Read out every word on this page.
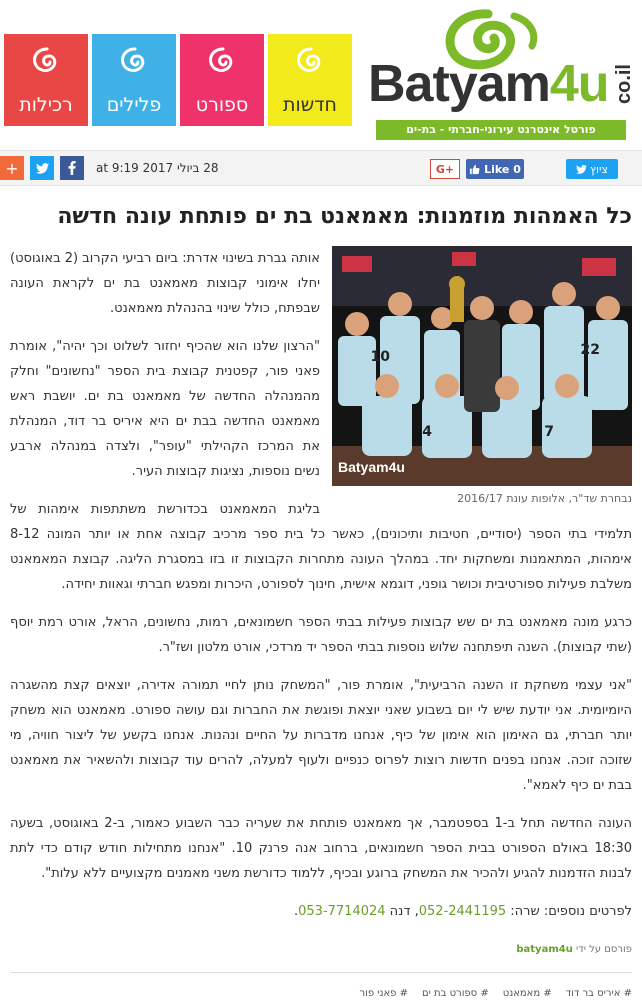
רכילות	פלילים	ספורט	חדשות Batyam4u co.il
פורטל אינטרנט עירוני-חברתי - בת-ים
+	28 ביולי 2017 at 9:19	G+	Like 0	ציוץ
כל האמהות מוזמנות: מאמאנט בת ים פותחת עונה חדשה
10	22
7
4
Batyam4u
נבחרת שד"ר, אלופות עונת 2016/17

אותה גברת בשינוי אדרת: ביום רביעי הקרוב (2 באוגוסט) יחלו אימוני קבוצות מאמאנט בת ים לקראת העונה שבפתח, כולל שינוי בהנהלת מאמאנט.

"הרצון שלנו הוא שהכיף יחזור לשלוט וכך יהיה", אומרת פאני פור, קפטנית קבוצת בית הספר "נחשונים" וחלק מהמנהלה החדשה של מאמאנט בת ים. יושבת ראש מאמאנט החדשה בבת ים היא איריס בר דוד, המנהלת את המרכז הקהילתי "עופר", ולצדה במנהלה ארבע נשים נוספות, נציגות קבוצות העיר.

בליגת המאמאנט בכדורשת משתתפות אימהות של תלמידי בתי הספר (יסודיים, חטיבות ותיכונים), כאשר כל בית ספר מרכיב קבוצה אחת או יותר המונה 8-12 אימהות, המתאמנות ומשחקות יחד. במהלך העונה מתחרות הקבוצות זו בזו במסגרת הליגה. קבוצת המאמאנט משלבת פעילות ספורטיבית וכושר גופני, דוגמא אישית, חינוך לספורט, היכרות ומפגש חברתי וגאוות יחידה.

כרגע מונה מאמאנט בת ים שש קבוצות פעילות בבתי הספר חשמונאים, רמות, נחשונים, הראל, אורט רמת יוסף (שתי קבוצות). השנה תיפתחנה שלוש נוספות בבתי הספר יד מרדכי, אורט מלטון ושז"ר.

"אני עצמי משחקת זו השנה הרביעית", אומרת פור, "המשחק נותן לחיי תמורה אדירה, יוצאים קצת מהשגרה היומיומית. אני יודעת שיש לי יום בשבוע שאני יוצאת ופוגשת את החברות וגם עושה ספורט. מאמאנט הוא משחק יותר חברתי, גם האימון הוא אימון של כיף, אנחנו מדברות על החיים ונהנות. אנחנו בקשע של ליצור חוויה, מי שזוכה זוכה. אנחנו בפנים חדשות רוצות לפרוס כנפיים ולעוף למעלה, להרים עוד קבוצות ולהשאיר את מאמאנט בבת ים כיף לאמא".

העונה החדשה תחל ב-1 בספטמבר, אך מאמאנט פותחת את שעריה כבר השבוע כאמור, ב-2 באוגוסט, בשעה 18:30 באולם הספורט בבית הספר חשמונאים, ברחוב אנה פרנק 10. "אנחנו מתחילות חודש קודם כדי לתת לבנות הזדמנות להגיע ולהכיר את המשחק ברוגע ובכיף, ללמוד כדורשת משני מאמנים מקצועיים ללא עלות".

לפרטים נוספים: שרה: 052-2441195, דנה 053-7714024.

פורסם על ידי batyam4u
# איריס בר דוד
# מאמאנט
# ספורט בת ים
# פאני פור
